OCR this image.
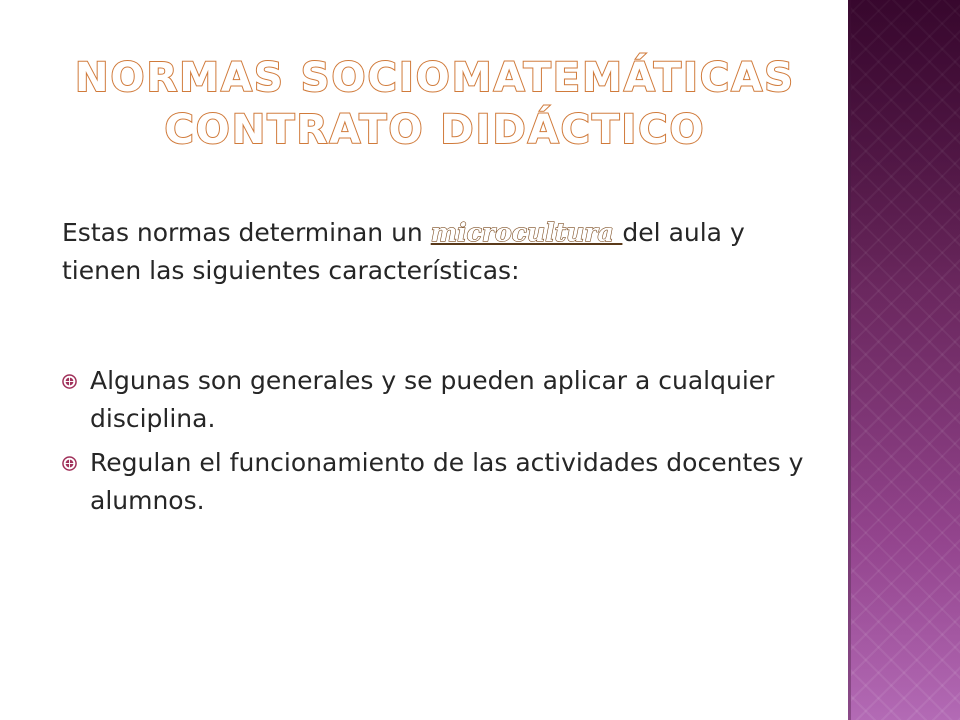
NORMAS SOCIOMATEMÁTICAS
CONTRATO DIDÁCTICO
Estas normas determinan un microcultura del aula y tienen las siguientes características:
Algunas son generales y se pueden aplicar a cualquier disciplina.
Regulan el funcionamiento de las actividades docentes y alumnos.
